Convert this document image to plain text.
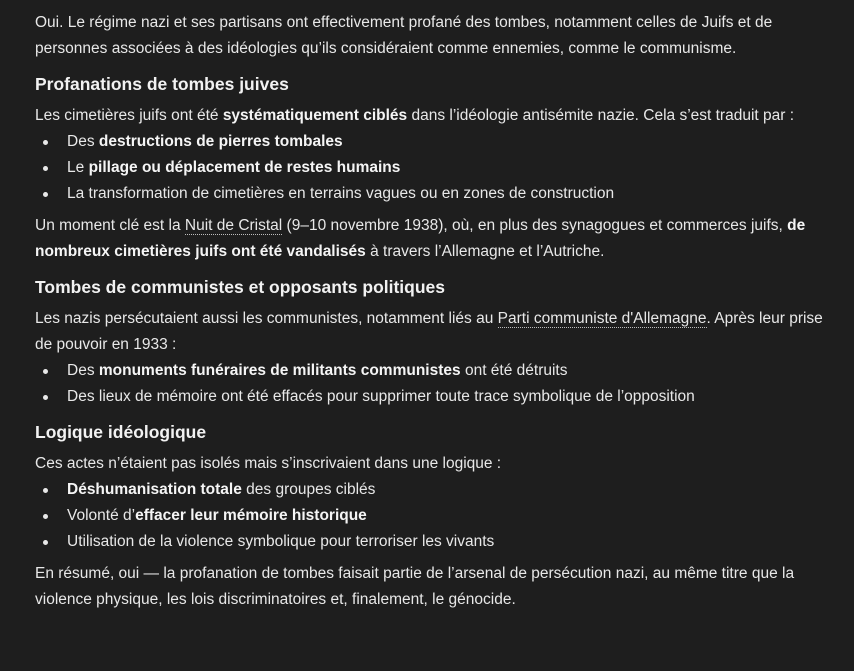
Oui. Le régime nazi et ses partisans ont effectivement profané des tombes, notamment celles de Juifs et de personnes associées à des idéologies qu’ils considéraient comme ennemies, comme le communisme.

Profanations de tombes juives

Les cimetières juifs ont été systématiquement ciblés dans l’idéologie antisémite nazie. Cela s’est traduit par :

Des destructions de pierres tombales
Le pillage ou déplacement de restes humains
La transformation de cimetières en terrains vagues ou en zones de construction

Un moment clé est la Nuit de Cristal (9–10 novembre 1938), où, en plus des synagogues et commerces juifs, de nombreux cimetières juifs ont été vandalisés à travers l’Allemagne et l’Autriche.

Tombes de communistes et opposants politiques

Les nazis persécutaient aussi les communistes, notamment liés au Parti communiste d'Allemagne. Après leur prise de pouvoir en 1933 :

Des monuments funéraires de militants communistes ont été détruits
Des lieux de mémoire ont été effacés pour supprimer toute trace symbolique de l’opposition
Logique idéologique

Ces actes n’étaient pas isolés mais s’inscrivaient dans une logique :

Déshumanisation totale des groupes ciblés
Volonté d’effacer leur mémoire historique
Utilisation de la violence symbolique pour terroriser les vivants

En résumé, oui — la profanation de tombes faisait partie de l’arsenal de persécution nazi, au même titre que la violence physique, les lois discriminatoires et, finalement, le génocide.
